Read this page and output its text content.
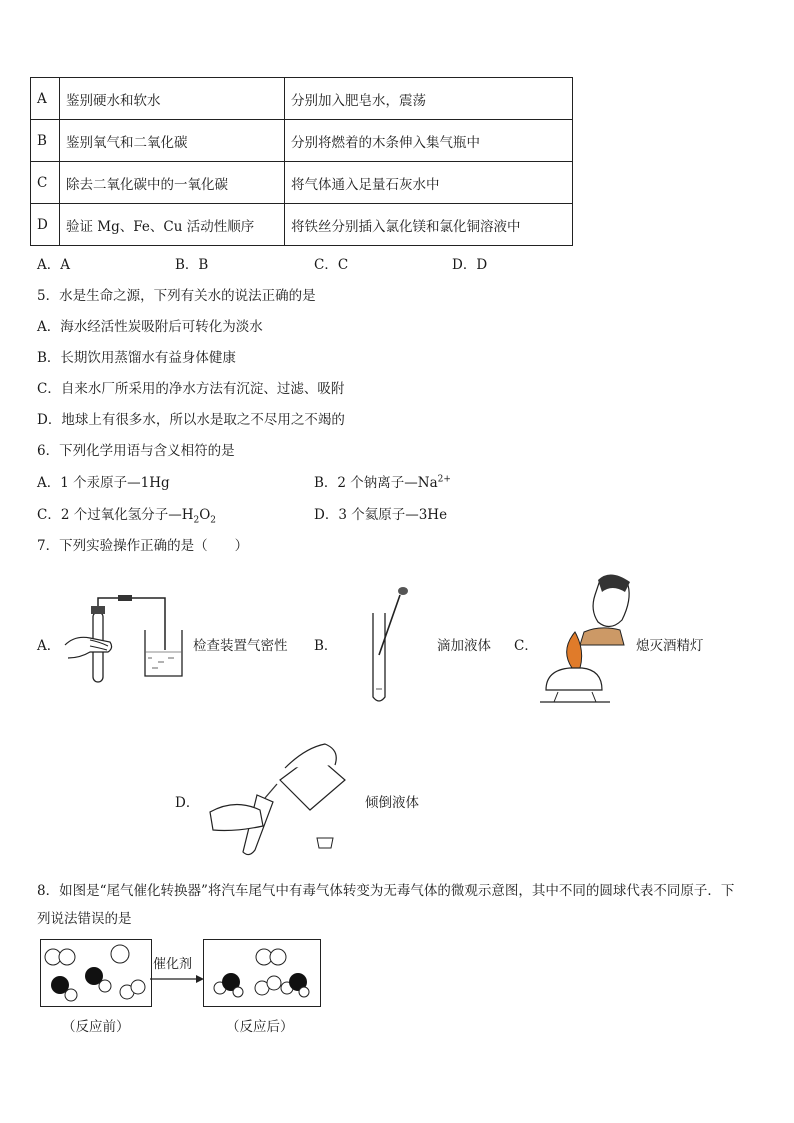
A	鉴别硬水和软水	分别加入肥皂水，震荡
B	鉴别氧气和二氧化碳	分别将燃着的木条伸入集气瓶中
C	除去二氧化碳中的一氧化碳	将气体通入足量石灰水中
D	验证 Mg、Fe、Cu 活动性顺序	将铁丝分别插入氯化镁和氯化铜溶液中
A．A	B．B	C．C	D．D
5．水是生命之源，下列有关水的说法正确的是
A．海水经活性炭吸附后可转化为淡水
B．长期饮用蒸馏水有益身体健康
C．自来水厂所采用的净水方法有沉淀、过滤、吸附
D．地球上有很多水，所以水是取之不尽用之不竭的
6．下列化学用语与含义相符的是
A．1 个汞原子—1Hg	B．2 个钠离子$—Na^{2+}$
C．2 个过氧化氢分子$—H_2O_2$	D．3 个氦原子—3He
7．下列实验操作正确的是（　　）
A．	检查装置气密性 B．	滴加液体 C．	熄灭酒精灯
D．	倾倒液体
8．如图是“尾气催化转换器”将汽车尾气中有毒气体转变为无毒气体的微观示意图，其中不同的圆球代表不同原子．下
列说法错误的是
催化剂
（反应前）	（反应后）
